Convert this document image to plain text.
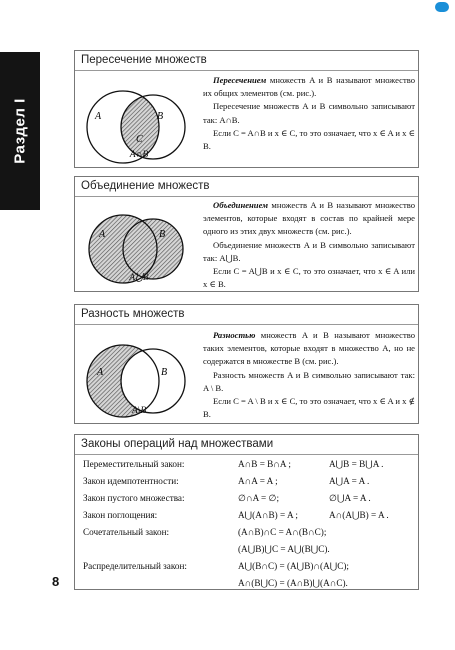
Раздел I
8
Пересечение множеств
A	B
C
A∩B

Пересечением множеств A и B называют множество их общих элементов (см. рис.).

Пересечение множеств A и B символьно записывают так: A∩B.

Если C = A∩B и x ∈ C, то это означает, что x ∈ A и x ∈ B.

Объединение множеств
A	B
A⋃B

Объединением множеств A и B называют множество элементов, которые входят в состав по крайней мере одного из этих двух множеств (см. рис.).

Объединение множеств A и B символьно записывают так: A⋃B.

Если C = A⋃B и x ∈ C, то это означает, что x ∈ A или x ∈ B.

Разность множеств
A	B
A\B

Разностью множеств A и B называют множество таких элементов, которые входят в множество A, но не содержатся в множестве B (см. рис.).

Разность множеств A и B символьно записывают так: A \ B.

Если C = A \ B и x ∈ C, то это означает, что x ∈ A и x ∉ B.

Законы операций над множествами
Переместительный закон:	A∩B = B∩A ;	A⋃B = B⋃A .
Закон идемпотентности:	A∩A = A ;	A⋃A = A .
Закон пустого множества:	∅∩A = ∅;	∅⋃A = A .
Закон поглощения:	A⋃(A∩B) = A ;	A∩(A⋃B) = A .
Сочетательный закон:	(A∩B)∩C = A∩(B∩C);
(A⋃B)⋃C = A⋃(B⋃C).
Распределительный закон:	A⋃(B∩C) = (A⋃B)∩(A⋃C);
A∩(B⋃C) = (A∩B)⋃(A∩C).
